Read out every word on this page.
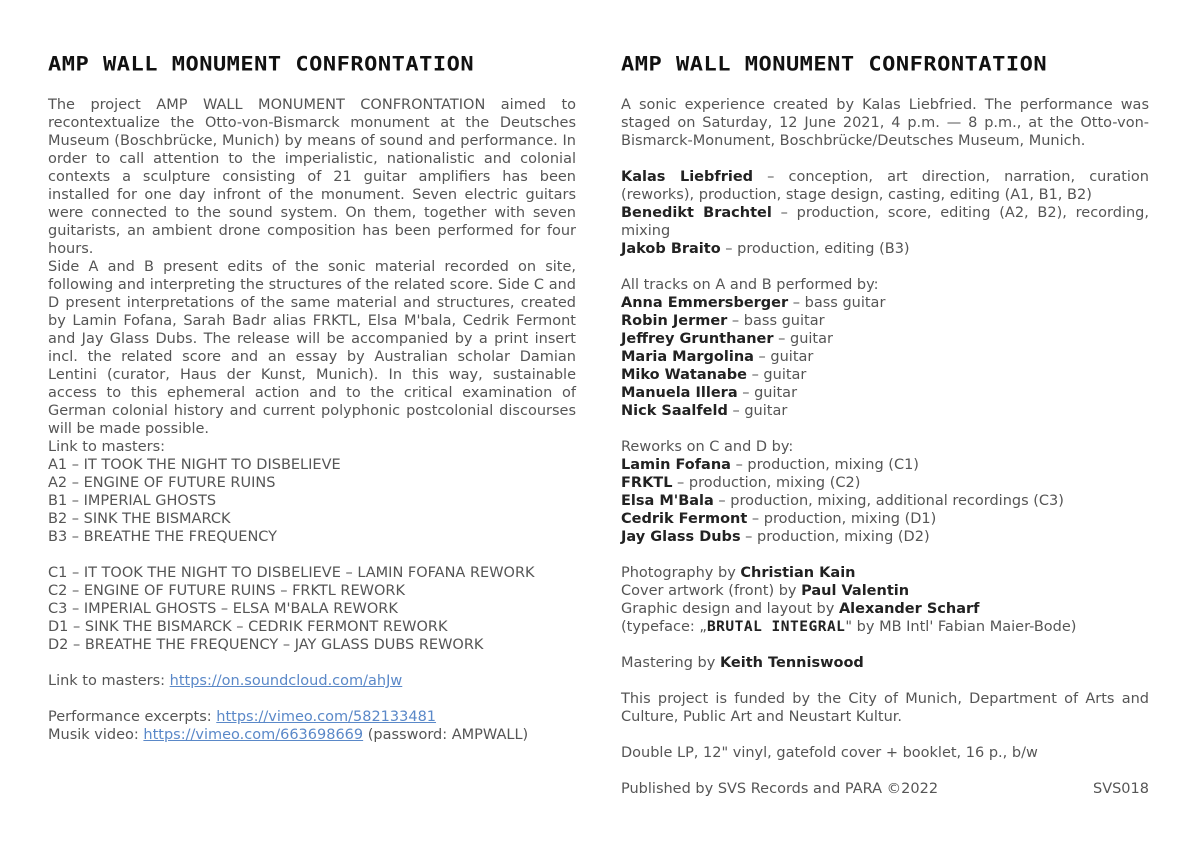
AMP WALL MONUMENT CONFRONTATION

The project AMP WALL MONUMENT CONFRONTATION aimed to recontextualize the Otto-von-Bismarck monument at the Deutsches Museum (Boschbrücke, Munich) by means of sound and performance. In order to call attention to the imperialistic, nationalistic and colonial contexts a sculpture consisting of 21 guitar amplifiers has been installed for one day infront of the monument. Seven electric guitars were connected to the sound system. On them, together with seven guitarists, an ambient drone composition has been performed for four hours.

Side A and B present edits of the sonic material recorded on site, following and interpreting the structures of the related score. Side C and D present interpretations of the same material and structures, created by Lamin Fofana, Sarah Badr alias FRKTL, Elsa M'bala, Cedrik Fermont and Jay Glass Dubs. The release will be accompanied by a print insert incl. the related score and an essay by Australian scholar Damian Lentini (curator, Haus der Kunst, Munich). In this way, sustainable access to this ephemeral action and to the critical examination of German colonial history and current polyphonic postcolonial discourses will be made possible.

Link to masters:

A1 – IT TOOK THE NIGHT TO DISBELIEVE

A2 – ENGINE OF FUTURE RUINS

B1 – IMPERIAL GHOSTS

B2 – SINK THE BISMARCK

B3 – BREATHE THE FREQUENCY

C1 – IT TOOK THE NIGHT TO DISBELIEVE – LAMIN FOFANA REWORK

C2 – ENGINE OF FUTURE RUINS – FRKTL REWORK

C3 – IMPERIAL GHOSTS – ELSA M'BALA REWORK

D1 – SINK THE BISMARCK – CEDRIK FERMONT REWORK

D2 – BREATHE THE FREQUENCY – JAY GLASS DUBS REWORK

Link to masters: https://on.soundcloud.com/ahJw

Performance excerpts: https://vimeo.com/582133481

Musik video: https://vimeo.com/663698669 (password: AMPWALL)

AMP WALL MONUMENT CONFRONTATION

A sonic experience created by Kalas Liebfried. The performance was staged on Saturday, 12 June 2021, 4 p.m. — 8 p.m., at the Otto-von-Bismarck-Monument, Boschbrücke/Deutsches Museum, Munich.

Kalas Liebfried – conception, art direction, narration, curation (reworks), production, stage design, casting, editing (A1, B1, B2)

Benedikt Brachtel – production, score, editing (A2, B2), recording, mixing

Jakob Braito – production, editing (B3)

All tracks on A and B performed by:

Anna Emmersberger – bass guitar

Robin Jermer – bass guitar

Jeffrey Grunthaner – guitar

Maria Margolina – guitar

Miko Watanabe – guitar

Manuela Illera – guitar

Nick Saalfeld – guitar

Reworks on C and D by:

Lamin Fofana – production, mixing (C1)

FRKTL – production, mixing (C2)

Elsa M'Bala – production, mixing, additional recordings (C3)

Cedrik Fermont – production, mixing (D1)

Jay Glass Dubs – production, mixing (D2)

Photography by Christian Kain

Cover artwork (front) by Paul Valentin

Graphic design and layout by Alexander Scharf

(typeface: „BRUTAL INTEGRAL" by MB Intl' Fabian Maier-Bode)

Mastering by Keith Tenniswood

This project is funded by the City of Munich, Department of Arts and Culture, Public Art and Neustart Kultur.

Double LP, 12" vinyl, gatefold cover + booklet, 16 p., b/w

Published by SVS Records and PARA ©2022	SVS018
